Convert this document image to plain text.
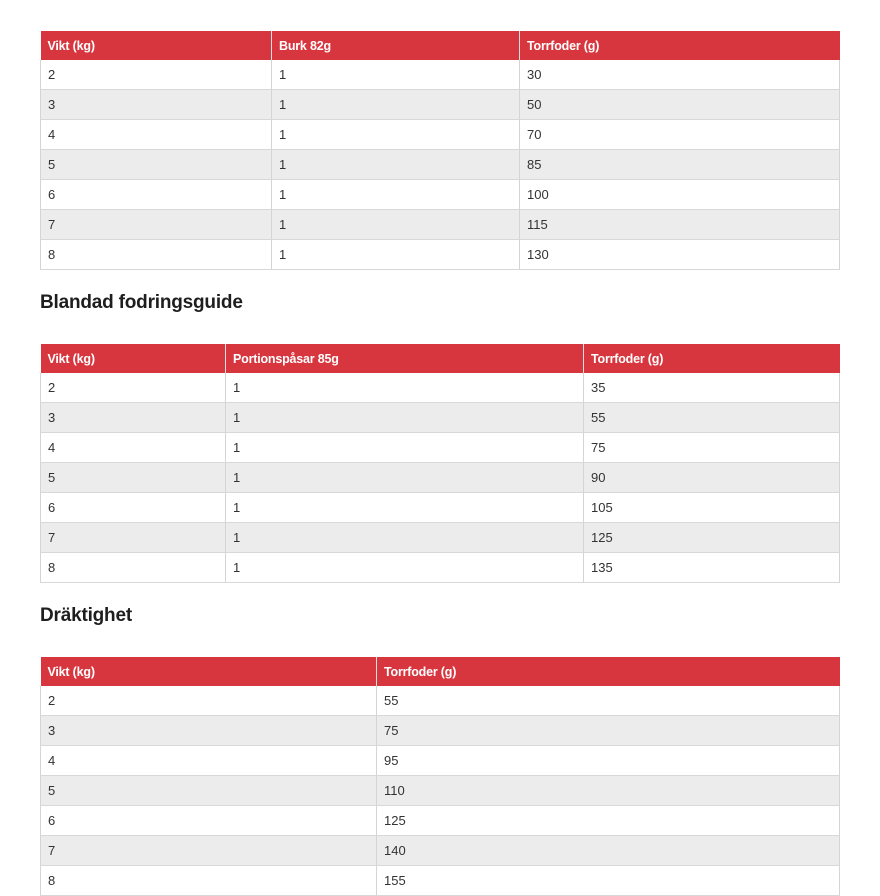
Vikt (kg)	Burk 82g	Torrfoder (g)
2	1	30
3	1	50
4	1	70
5	1	85
6	1	100
7	1	115
8	1	130
Blandad fodringsguide
Vikt (kg)	Portionspåsar 85g	Torrfoder (g)
2	1	35
3	1	55
4	1	75
5	1	90
6	1	105
7	1	125
8	1	135
Dräktighet
Vikt (kg)	Torrfoder (g)
2	55
3	75
4	95
5	110
6	125
7	140
8	155
